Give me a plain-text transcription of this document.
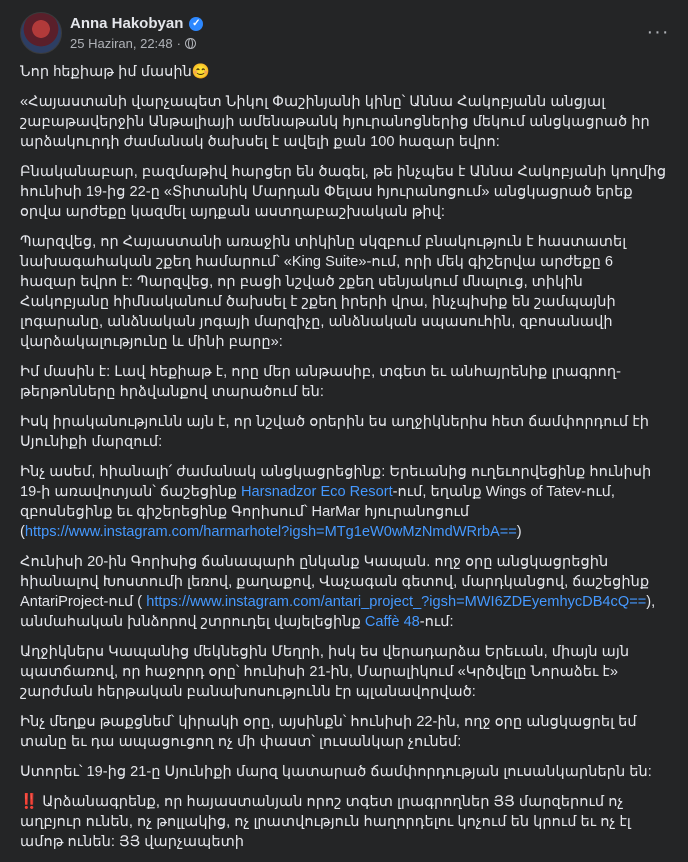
Anna Hakobyan ✓
25 Haziran, 22:48 ·
···

Նոր hեքիաթ իմ մասին😊

«Հայաստանի վարչապետ Նիկոլ Փաշինյանի կինը՝ Աննա Հակոբյանն անցյալ շաբաթավերջին Անթալիայի ամենաթանկ հյուրանոցներից մեկում անցկացրած իր արձակուրդի ժամանակ ծախսել է ավելի քան 100 հազար եվրո:

Բնականաբար, բազմաթիվ հարցեր են ծագել, թե ինչպես է Աննա Հակոբյանի կողմից հունիսի 19-ից 22-ը «Տիտանիկ Մարդան Փելաս հյուրանոցում» անցկացրած երեք օրվա արժեքը կազմել այդքան աստղաբաշխական թիվ:

Պարզվեց, որ Հայաստանի առաջին տիկինը սկզբում բնակություն է հաստատել նախագահական շքեղ համարում՝ «King Suite»-ում, որի մեկ գիշերվա արժեքը 6 հազար եվրո է: Պարզվեց, որ բացի նշված շքեղ սենյակում մնալուց, տիկին Հակոբյանը հիմնականում ծախսել է շքեղ իրերի վրա, ինչպիսիք են շամպայնի լոգարանը, անձնական յոգայի մարզիչը, անձնական սպասուհին, զբոսանավի վարձակալությունը և մինի բարը»:

Իմ մասին է: Լավ հեքիաթ է, որը մեր անթասիբ, տգետ եւ անհայրենիք լրագրող-թերթոնները հրձվանքով տարածում են:

Իսկ իրականությունն այն է, որ նշված օրերին ես աղջիկներիս հետ ճամփորդում էի Սյունիքի մարզում:

Ինչ ասեմ, հիանալի՛ ժամանակ անցկացրեցինք: Երեւանից ուղեւորվեցինք հունիսի 19-ի առավոտյան՝ ճաշեցինք Harsnadzor Eco Resort-ում, եղանք Wings of Tatev-ում, զբոսնեցինք եւ գիշերեցինք Գորիսում՝ HarMar հյուրանոցում (https://www.instagram.com/harmarhotel?igsh=MTg1eW0wMzNmdWRrbA==)

Հունիսի 20-ին Գորիսից ճանապարհ ընկանք Կապան. ողջ օրը անցկացրեցին հիանալով Խոստումի լեռով, քաղաքով, Վաչագան գետով, մարդկանցով, ճաշեցինք AntariProject-ում ( https://www.instagram.com/antari_project_?igsh=MWI6ZDEyemhycDB4cQ==), անմահական խնձորով շտրուդել վայելեցինք Caffè 48-ում:

Աղջիկներս Կապանից մեկնեցին Մեղրի, իսկ ես վերադարձա Երեւան, միայն այն պատճառով, որ հաջորդ օրը՝ հունիսի 21-ին, Մարալիկում «Կրծվելը Նորաձեւ է» շարժման հերթական բանախոսությունն էր պլանավորված:

Ինչ մեղքս թաքցնեմ՝ կիրակի օրը, այսինքն՝ հունիսի 22-ին, ողջ օրը անցկացրել եմ տանը եւ դա ապացուցող ոչ մի փաստ՝ լուսանկար չունեմ:

Ստորեւ՝ 19-ից 21-ը Սյունիքի մարզ կատարած ճամփորդության լուսանկարներն են:

‼️ Արձանագրենք, որ հայաստանյան որոշ տգետ լրագրողներ ՅՅ մարզերում ոչ աղբյուր ունեն, ոչ թոլլակից, ոչ լրատվություն հաղորդելու կոչում են կրում եւ ոչ էլ ամոթ ունեն: ՅՅ վարչապետի
